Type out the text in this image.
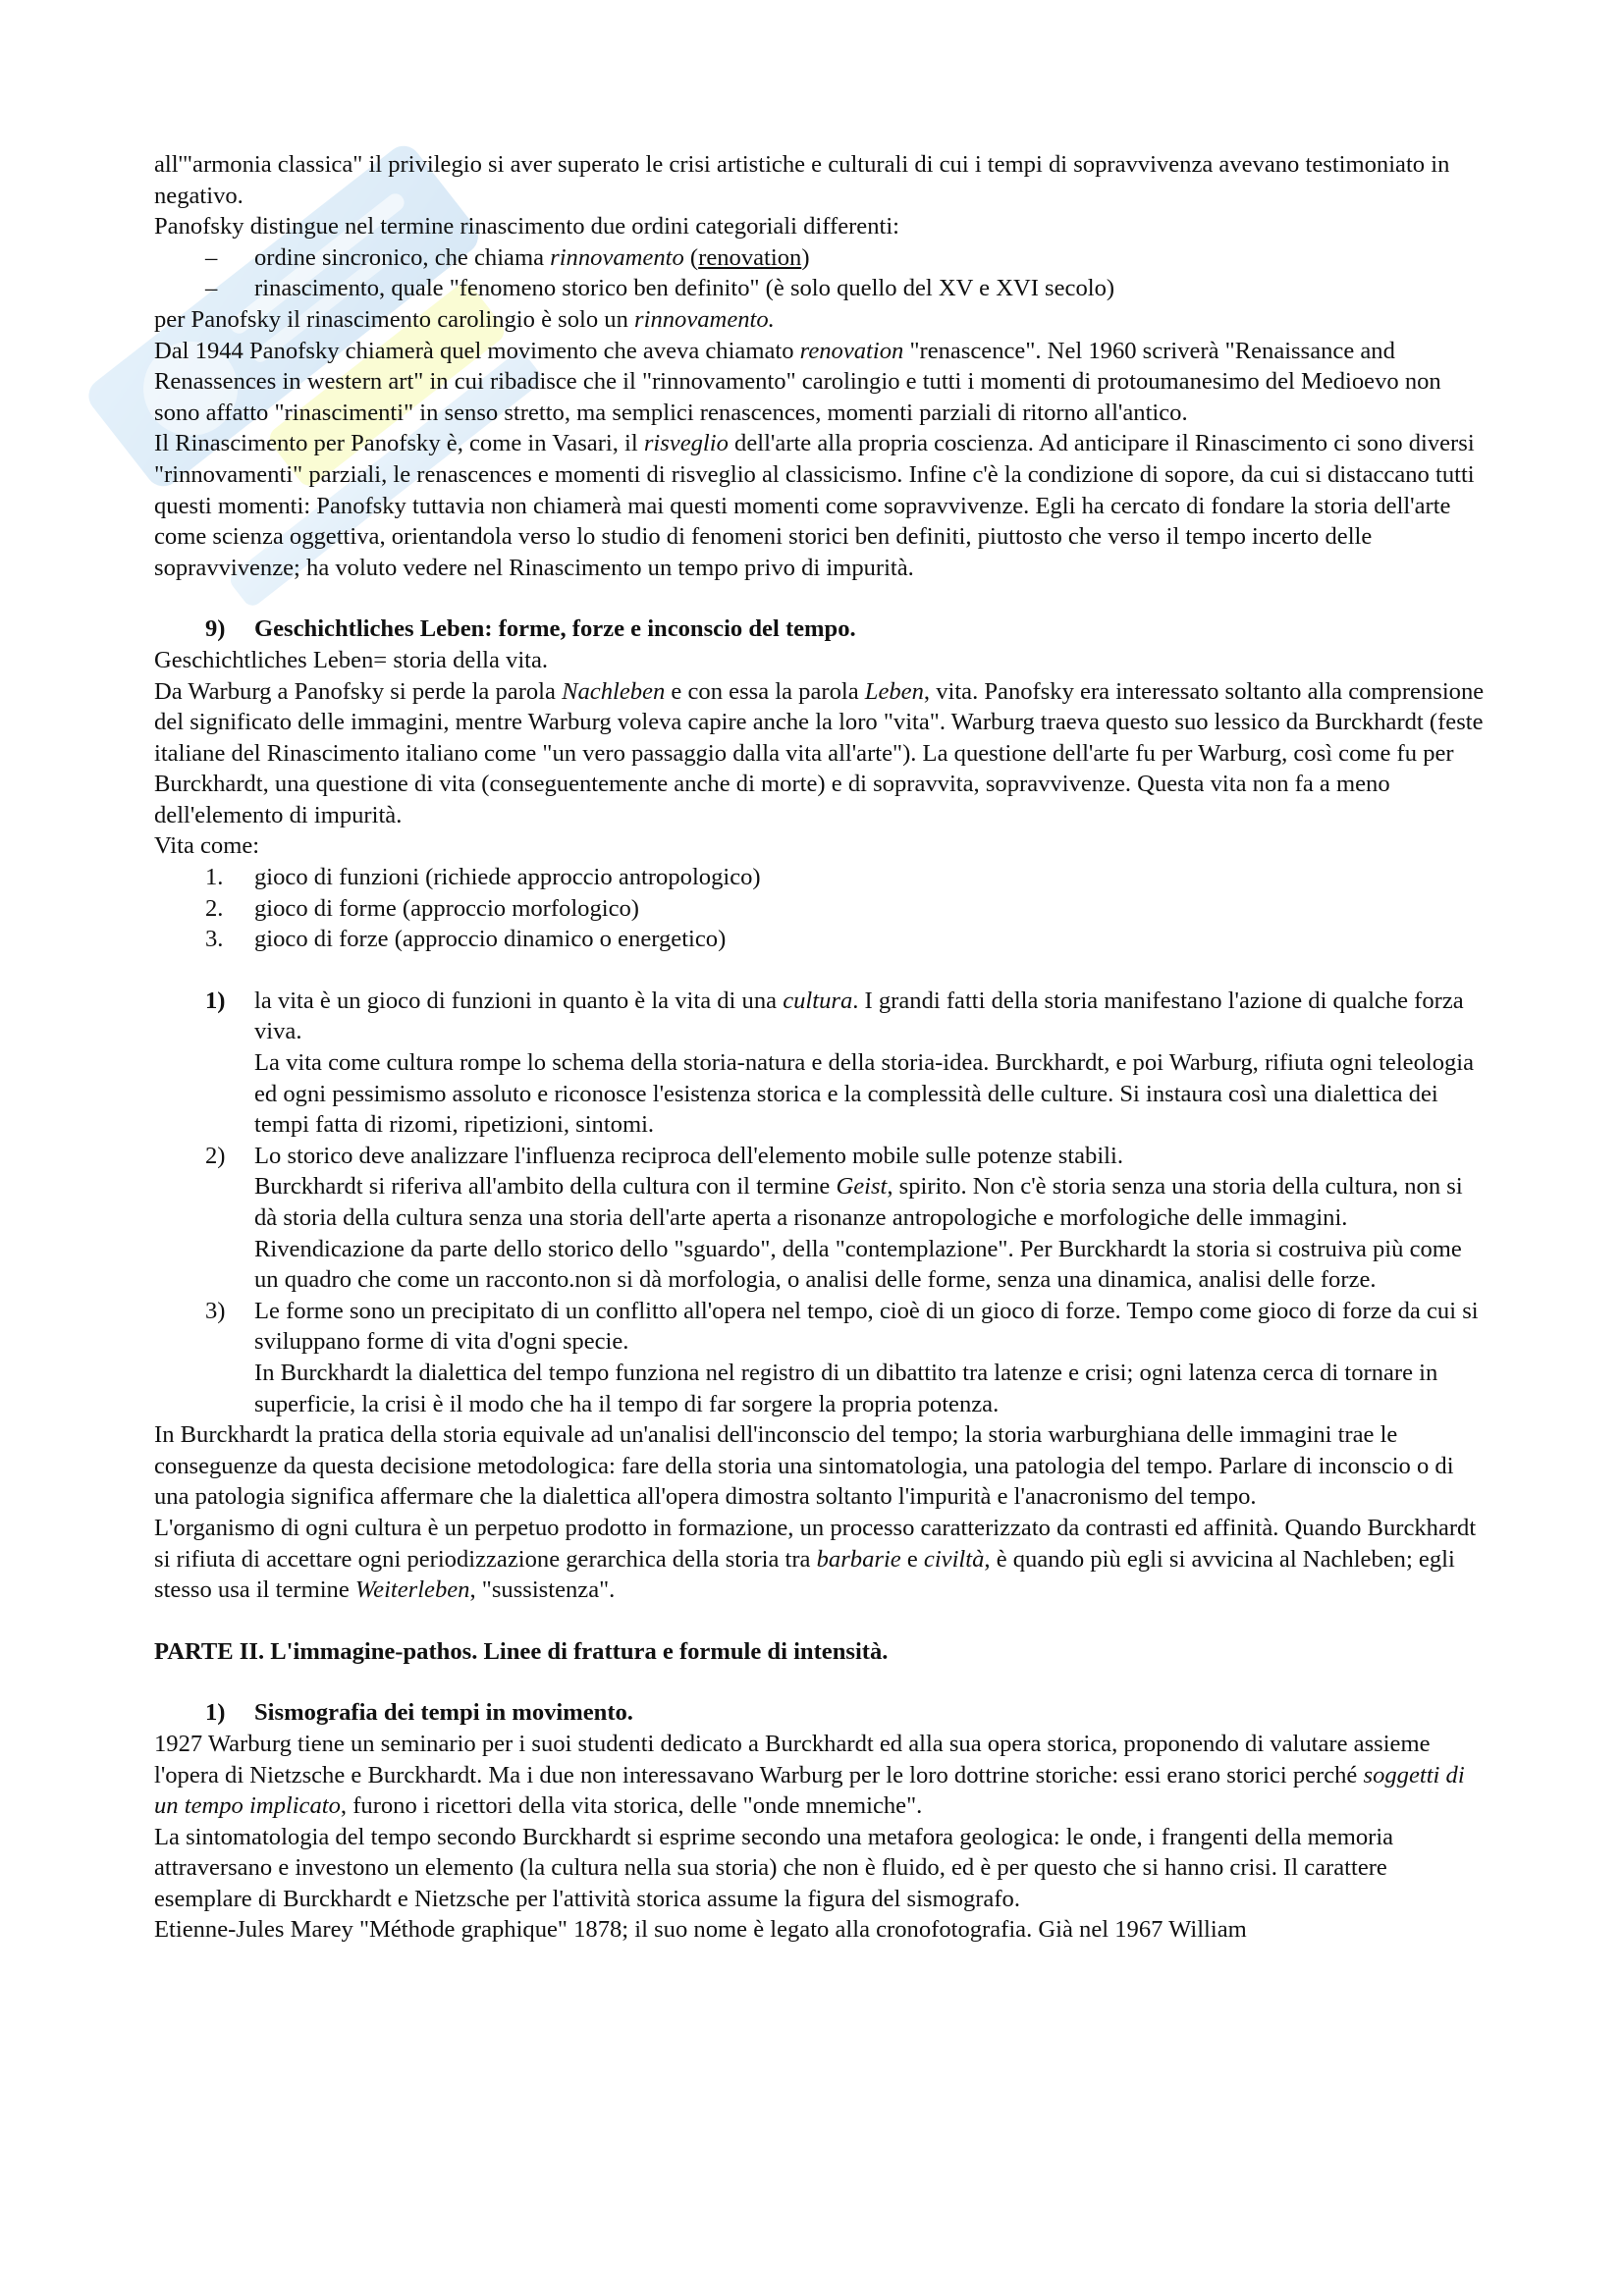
all'"armonia classica" il privilegio si aver superato le crisi artistiche e culturali di cui i tempi di sopravvivenza avevano testimoniato in negativo.

Panofsky distingue nel termine rinascimento due ordini categoriali differenti:

–	ordine sincronico, che chiama rinnovamento (renovation)
–	rinascimento, quale "fenomeno storico ben definito" (è solo quello del XV e XVI secolo)

per Panofsky il rinascimento carolingio è solo un rinnovamento.

Dal 1944 Panofsky chiamerà quel movimento che aveva chiamato renovation "renascence". Nel 1960 scriverà "Renaissance and Renassences in western art" in cui ribadisce che il "rinnovamento" carolingio e tutti i momenti di protoumanesimo del Medioevo non sono affatto "rinascimenti" in senso stretto, ma semplici renascences, momenti parziali di ritorno all'antico.

Il Rinascimento per Panofsky è, come in Vasari, il risveglio dell'arte alla propria coscienza. Ad anticipare il Rinascimento ci sono diversi "rinnovamenti" parziali, le renascences e momenti di risveglio al classicismo. Infine c'è la condizione di sopore, da cui si distaccano tutti questi momenti: Panofsky tuttavia non chiamerà mai questi momenti come sopravvivenze. Egli ha cercato di fondare la storia dell'arte come scienza oggettiva, orientandola verso lo studio di fenomeni storici ben definiti, piuttosto che verso il tempo incerto delle sopravvivenze; ha voluto vedere nel Rinascimento un tempo privo di impurità.

9)	Geschichtliches Leben: forme, forze e inconscio del tempo.

Geschichtliches Leben= storia della vita.

Da Warburg a Panofsky si perde la parola Nachleben e con essa la parola Leben, vita. Panofsky era interessato soltanto alla comprensione del significato delle immagini, mentre Warburg voleva capire anche la loro "vita". Warburg traeva questo suo lessico da Burckhardt (feste italiane del Rinascimento italiano come "un vero passaggio dalla vita all'arte"). La questione dell'arte fu per Warburg, così come fu per Burckhardt, una questione di vita (conseguentemente anche di morte) e di sopravvita, sopravvivenze. Questa vita non fa a meno dell'elemento di impurità.

Vita come:

1.	gioco di funzioni (richiede approccio antropologico)
2.	gioco di forme (approccio morfologico)
3.	gioco di forze (approccio dinamico o energetico)
1)	la vita è un gioco di funzioni in quanto è la vita di una cultura. I grandi fatti della storia manifestano l'azione di qualche forza viva.

La vita come cultura rompe lo schema della storia-natura e della storia-idea. Burckhardt, e poi Warburg, rifiuta ogni teleologia ed ogni pessimismo assoluto e riconosce l'esistenza storica e la complessità delle culture. Si instaura così una dialettica dei tempi fatta di rizomi, ripetizioni, sintomi.

2)	Lo storico deve analizzare l'influenza reciproca dell'elemento mobile sulle potenze stabili.

Burckhardt si riferiva all'ambito della cultura con il termine Geist, spirito. Non c'è storia senza una storia della cultura, non si dà storia della cultura senza una storia dell'arte aperta a risonanze antropologiche e morfologiche delle immagini. Rivendicazione da parte dello storico dello "sguardo", della "contemplazione". Per Burckhardt la storia si costruiva più come un quadro che come un racconto.non si dà morfologia, o analisi delle forme, senza una dinamica, analisi delle forze.

3)	Le forme sono un precipitato di un conflitto all'opera nel tempo, cioè di un gioco di forze. Tempo come gioco di forze da cui si sviluppano forme di vita d'ogni specie.

In Burckhardt la dialettica del tempo funziona nel registro di un dibattito tra latenze e crisi; ogni latenza cerca di tornare in superficie, la crisi è il modo che ha il tempo di far sorgere la propria potenza.

In Burckhardt la pratica della storia equivale ad un'analisi dell'inconscio del tempo; la storia warburghiana delle immagini trae le conseguenze da questa decisione metodologica: fare della storia una sintomatologia, una patologia del tempo. Parlare di inconscio o di una patologia significa affermare che la dialettica all'opera dimostra soltanto l'impurità e l'anacronismo del tempo.

L'organismo di ogni cultura è un perpetuo prodotto in formazione, un processo caratterizzato da contrasti ed affinità. Quando Burckhardt si rifiuta di accettare ogni periodizzazione gerarchica della storia tra barbarie e civiltà, è quando più egli si avvicina al Nachleben; egli stesso usa il termine Weiterleben, "sussistenza".

PARTE II. L'immagine-pathos. Linee di frattura e formule di intensità.

1)	Sismografia dei tempi in movimento.

1927 Warburg tiene un seminario per i suoi studenti dedicato a Burckhardt ed alla sua opera storica, proponendo di valutare assieme l'opera di Nietzsche e Burckhardt. Ma i due non interessavano Warburg per le loro dottrine storiche: essi erano storici perché soggetti di un tempo implicato, furono i ricettori della vita storica, delle "onde mnemiche".

La sintomatologia del tempo secondo Burckhardt si esprime secondo una metafora geologica: le onde, i frangenti della memoria attraversano e investono un elemento (la cultura nella sua storia) che non è fluido, ed è per questo che si hanno crisi. Il carattere esemplare di Burckhardt e Nietzsche per l'attività storica assume la figura del sismografo.

Etienne-Jules Marey "Méthode graphique" 1878; il suo nome è legato alla cronofotografia. Già nel 1967 William
